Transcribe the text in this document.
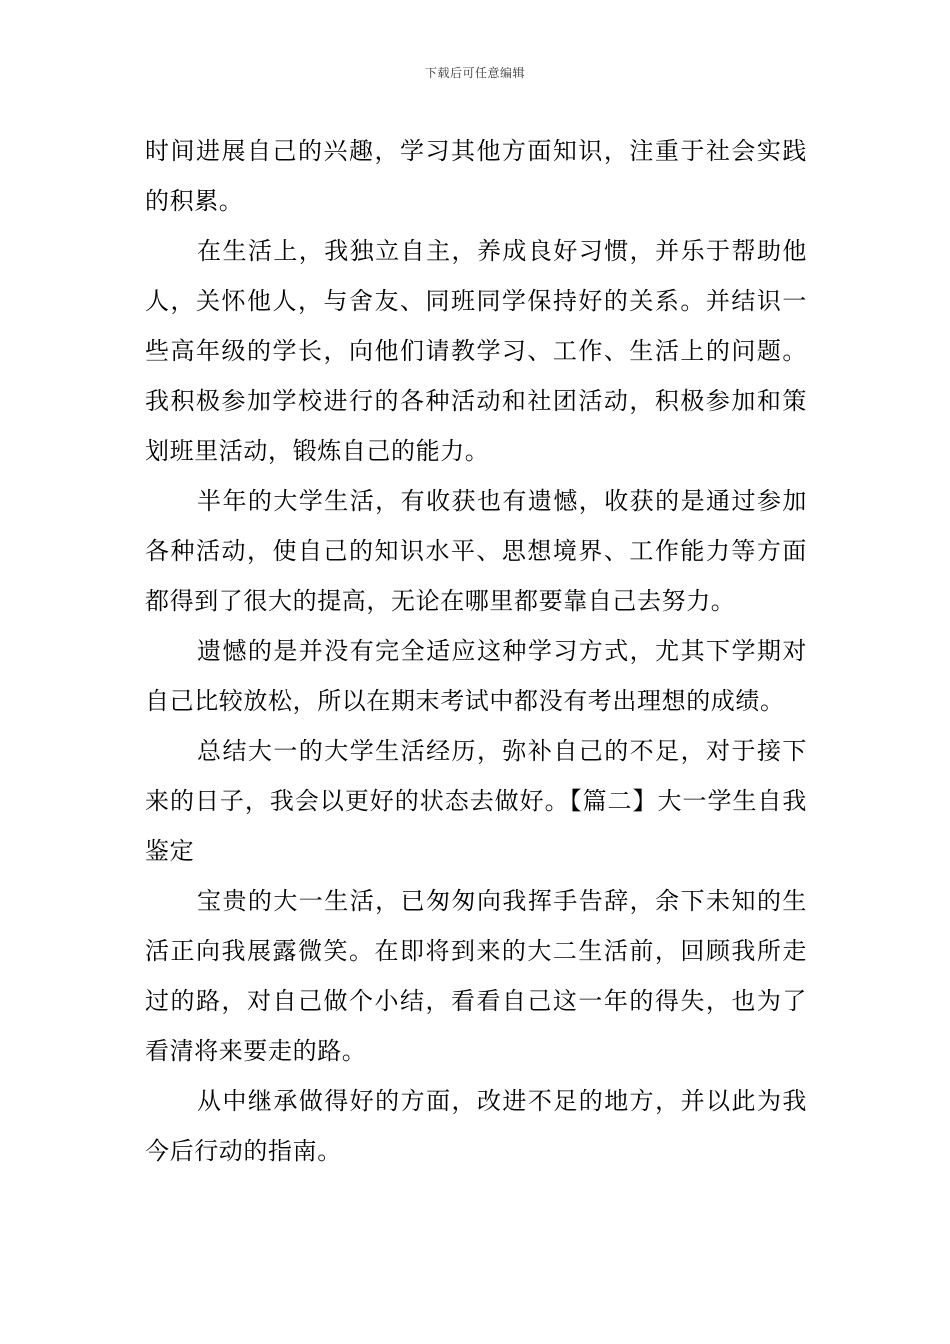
下载后可任意编辑

时间进展自己的兴趣，学习其他方面知识，注重于社会实践的积累。

在生活上，我独立自主，养成良好习惯，并乐于帮助他人，关怀他人，与舍友、同班同学保持好的关系。并结识一些高年级的学长，向他们请教学习、工作、生活上的问题。我积极参加学校进行的各种活动和社团活动，积极参加和策划班里活动，锻炼自己的能力。

半年的大学生活，有收获也有遗憾，收获的是通过参加各种活动，使自己的知识水平、思想境界、工作能力等方面都得到了很大的提高，无论在哪里都要靠自己去努力。

遗憾的是并没有完全适应这种学习方式，尤其下学期对自己比较放松，所以在期末考试中都没有考出理想的成绩。

总结大一的大学生活经历，弥补自己的不足，对于接下来的日子，我会以更好的状态去做好。【篇二】大一学生自我鉴定

宝贵的大一生活，已匆匆向我挥手告辞，余下未知的生活正向我展露微笑。在即将到来的大二生活前，回顾我所走过的路，对自己做个小结，看看自己这一年的得失，也为了看清将来要走的路。

从中继承做得好的方面，改进不足的地方，并以此为我今后行动的指南。
